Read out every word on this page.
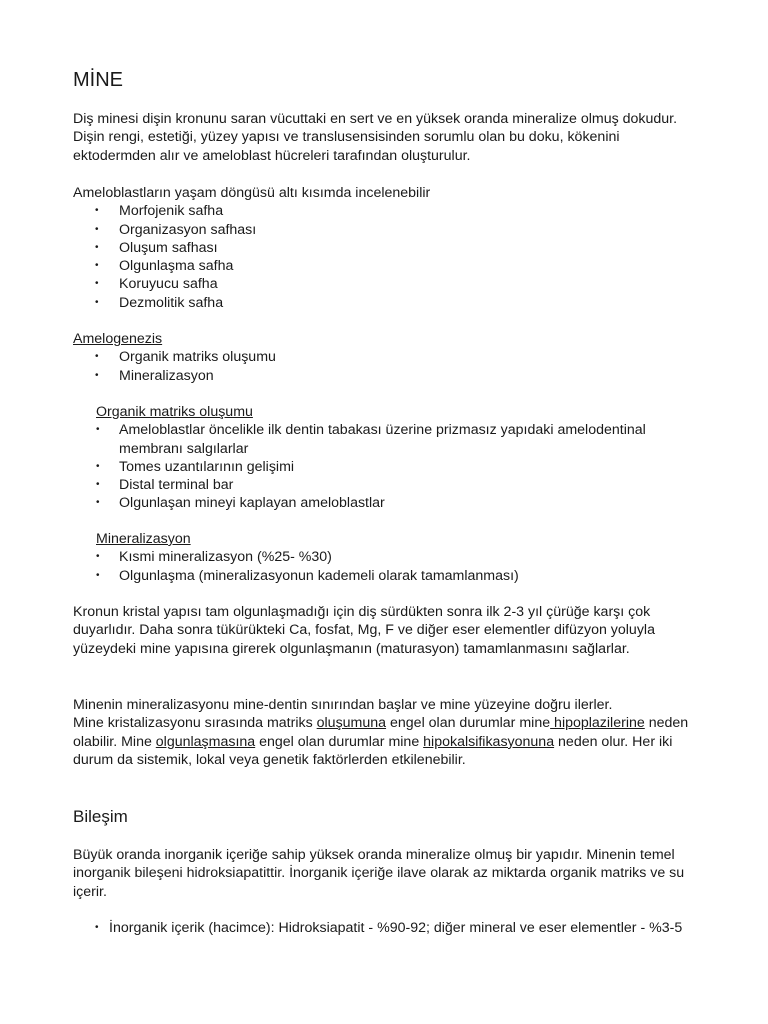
MİNE

Diş minesi dişin kronunu saran vücuttaki en sert ve en yüksek oranda mineralize olmuş dokudur. Dişin rengi, estetiği, yüzey yapısı ve translusensisinden sorumlu olan bu doku, kökenini ektodermden alır ve ameloblast hücreleri tarafından oluşturulur.

Ameloblastların yaşam döngüsü altı kısımda incelenebilir

• Morfojenik safha
• Organizasyon safhası
• Oluşum safhası
• Olgunlaşma safha
• Koruyucu safha
• Dezmolitik safha

Amelogenezis

• Organik matriks oluşumu
• Mineralizasyon

Organik matriks oluşumu

• Ameloblastlar öncelikle ilk dentin tabakası üzerine prizmasız yapıdaki amelodentinal membranı salgılarlar
• Tomes uzantılarının gelişimi
• Distal terminal bar
• Olgunlaşan mineyi kaplayan ameloblastlar

Mineralizasyon

• Kısmi mineralizasyon (%25- %30)
• Olgunlaşma (mineralizasyonun kademeli olarak tamamlanması)

Kronun kristal yapısı tam olgunlaşmadığı için diş sürdükten sonra ilk 2-3 yıl çürüğe karşı çok duyarlıdır. Daha sonra tükürükteki Ca, fosfat, Mg, F ve diğer eser elementler difüzyon yoluyla yüzeydeki mine yapısına girerek olgunlaşmanın (maturasyon) tamamlanmasını sağlarlar.

Minenin mineralizasyonu mine-dentin sınırından başlar ve mine yüzeyine doğru ilerler.

Mine kristalizasyonu sırasında matriks oluşumuna engel olan durumlar mine hipoplazilerine neden olabilir. Mine olgunlaşmasına engel olan durumlar mine hipokalsifikasyonuna neden olur. Her iki durum da sistemik, lokal veya genetik faktörlerden etkilenebilir.

Bileşim

Büyük oranda inorganik içeriğe sahip yüksek oranda mineralize olmuş bir yapıdır. Minenin temel inorganik bileşeni hidroksiapatittir. İnorganik içeriğe ilave olarak az miktarda organik matriks ve su içerir.

• İnorganik içerik (hacimce): Hidroksiapatit - %90-92; diğer mineral ve eser elementler - %3-5
